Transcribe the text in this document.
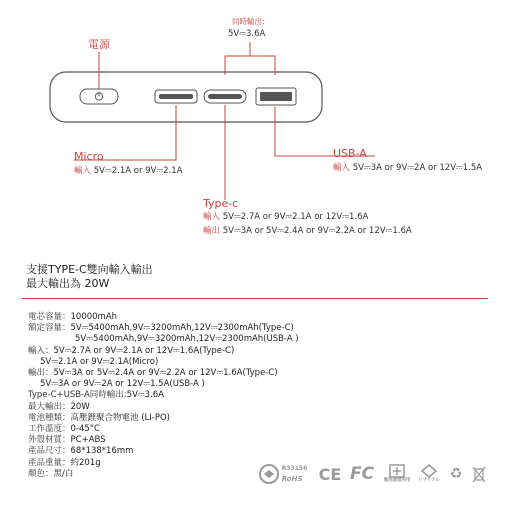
電源
同時輸出:
5V⎓3.6A
Micro
輸入 5V⎓2.1A or 9V⎓2.1A
Type-c
輸入 5V⎓2.7A or 9V⎓2.1A or 12V⎓1.6A
輸出 5V⎓3A or 5V⎓2.4A or 9V⎓2.2A or 12V⎓1.6A
USB-A
輸入 5V⎓3A or 9V⎓2A or 12V⎓1.5A
支援TYPE-C雙向輸入輸出
最大輸出為 20W
電芯容量：10000mAh
額定容量：5V⎓5400mAh,9V⎓3200mAh,12V⎓2300mAh(Type-C)
5V⎓5400mAh,9V⎓3200mAh,12V⎓2300mAh(USB-A )
輸入：5V⎓2.7A or 9V⎓2.1A or 12V⎓1.6A(Type-C)
5V⎓2.1A or 9V⎓2.1A(Micro)
輸出：5V⎓3A or 5V⎓2.4A or 9V⎓2.2A or 12V⎓1.6A(Type-C)
5V⎓3A or 9V⎓2A or 12V⎓1.5A(USB-A )
Type-C+USB-A同時輸出:5V⎓3.6A
最大輸出：20W
電池種類：高壓鋰聚合物電池 (LI-PO)
工作溫度：0-45°C
外殼材質：PC+ABS
產品尺寸：68*138*16mm
產品重量：約201g
顏色：黑/白
R33156
RoHS CE FC	電池循環利用 リサイクル ♻
